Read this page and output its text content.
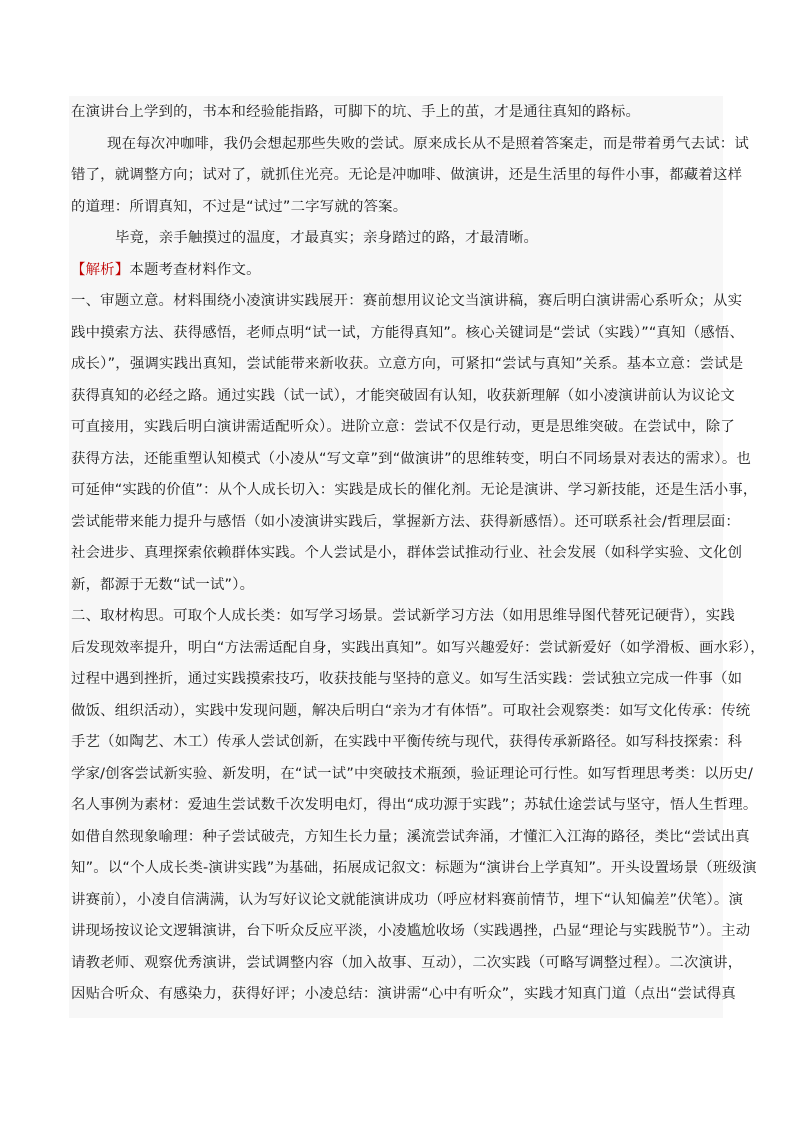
在演讲台上学到的，书本和经验能指路，可脚下的坑、手上的茧，才是通往真知的路标。
现在每次冲咖啡，我仍会想起那些失败的尝试。原来成长从不是照着答案走，而是带着勇气去试：试
错了，就调整方向；试对了，就抓住光亮。无论是冲咖啡、做演讲，还是生活里的每件小事，都藏着这样
的道理：所谓真知，不过是“试过”二字写就的答案。
毕竟，亲手触摸过的温度，才最真实；亲身踏过的路，才最清晰。
【解析】本题考查材料作文。
一、审题立意。材料围绕小凌演讲实践展开：赛前想用议论文当演讲稿，赛后明白演讲需心系听众；从实
践中摸索方法、获得感悟，老师点明“试一试，方能得真知”。核心关键词是“尝试（实践）”“真知（感悟、
成长）”，强调实践出真知，尝试能带来新收获。立意方向，可紧扣“尝试与真知”关系。基本立意：尝试是
获得真知的必经之路。通过实践（试一试），才能突破固有认知，收获新理解（如小凌演讲前认为议论文
可直接用，实践后明白演讲需适配听众）。进阶立意：尝试不仅是行动，更是思维突破。在尝试中，除了
获得方法，还能重塑认知模式（小凌从“写文章”到“做演讲”的思维转变，明白不同场景对表达的需求）。也
可延伸“实践的价值”：从个人成长切入：实践是成长的催化剂。无论是演讲、学习新技能，还是生活小事，
尝试能带来能力提升与感悟（如小凌演讲实践后，掌握新方法、获得新感悟）。还可联系社会/哲理层面：
社会进步、真理探索依赖群体实践。个人尝试是小，群体尝试推动行业、社会发展（如科学实验、文化创
新，都源于无数“试一试”）。
二、取材构思。可取个人成长类：如写学习场景。尝试新学习方法（如用思维导图代替死记硬背），实践
后发现效率提升，明白“方法需适配自身，实践出真知”。如写兴趣爱好：尝试新爱好（如学滑板、画水彩），
过程中遇到挫折，通过实践摸索技巧，收获技能与坚持的意义。如写生活实践：尝试独立完成一件事（如
做饭、组织活动），实践中发现问题，解决后明白“亲为才有体悟”。可取社会观察类：如写文化传承：传统
手艺（如陶艺、木工）传承人尝试创新，在实践中平衡传统与现代，获得传承新路径。如写科技探索：科
学家/创客尝试新实验、新发明，在“试一试”中突破技术瓶颈，验证理论可行性。如写哲理思考类：以历史/
名人事例为素材：爱迪生尝试数千次发明电灯，得出“成功源于实践”；苏轼仕途尝试与坚守，悟人生哲理。
如借自然现象喻理：种子尝试破壳，方知生长力量；溪流尝试奔涌，才懂汇入江海的路径，类比“尝试出真
知”。以“个人成长类-演讲实践”为基础，拓展成记叙文：标题为“演讲台上学真知”。开头设置场景（班级演
讲赛前），小凌自信满满，认为写好议论文就能演讲成功（呼应材料赛前情节，埋下“认知偏差”伏笔）。演
讲现场按议论文逻辑演讲，台下听众反应平淡，小凌尴尬收场（实践遇挫，凸显“理论与实践脱节”）。主动
请教老师、观察优秀演讲，尝试调整内容（加入故事、互动），二次实践（可略写调整过程）。二次演讲，
因贴合听众、有感染力，获得好评；小凌总结：演讲需“心中有听众”，实践才知真门道（点出“尝试得真
